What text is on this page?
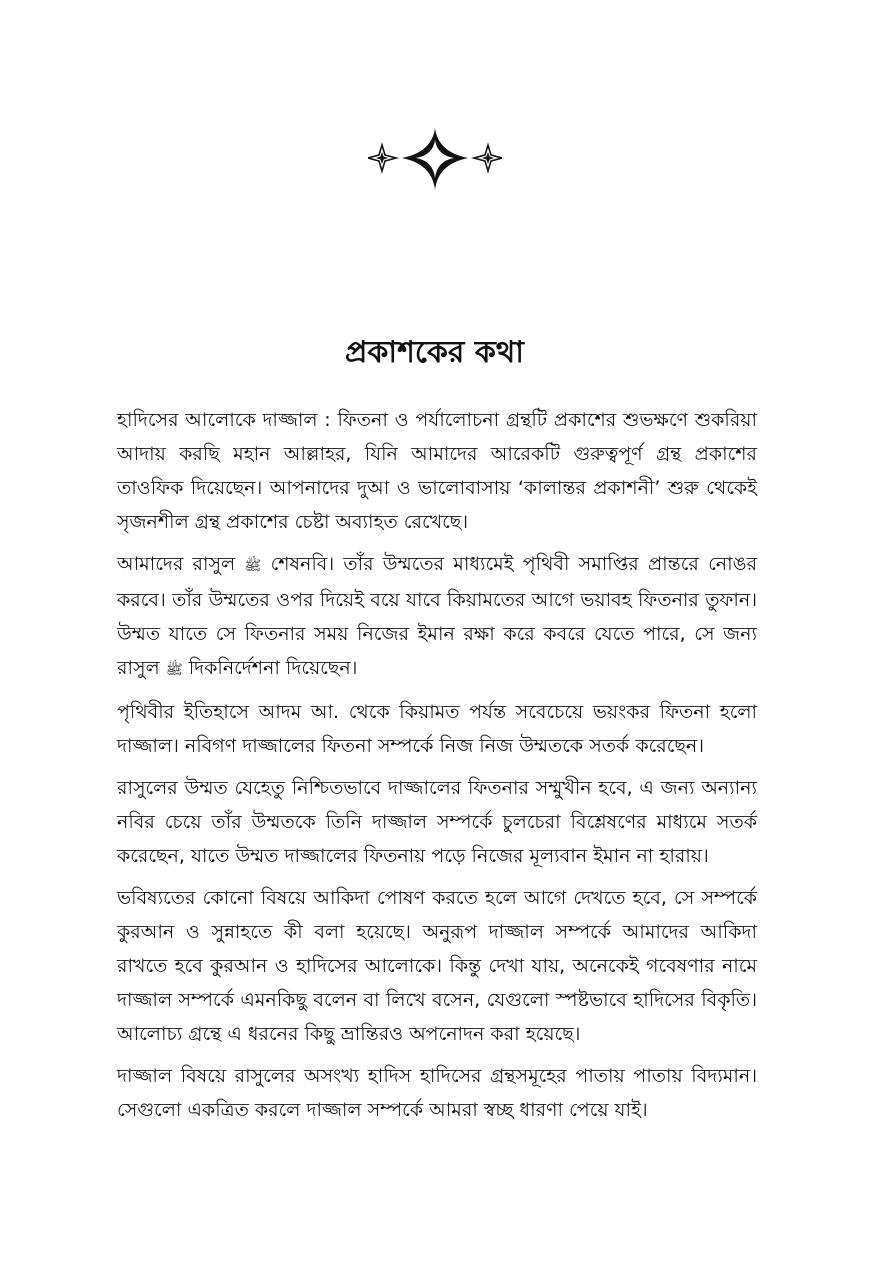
প্রকাশকের কথা

হাদিসের আলোকে দাজ্জাল : ফিতনা ও পর্যালোচনা গ্রন্থটি প্রকাশের শুভক্ষণে শুকরিয়া আদায় করছি মহান আল্লাহর, যিনি আমাদের আরেকটি গুরুত্বপূর্ণ গ্রন্থ প্রকাশের তাওফিক দিয়েছেন। আপনাদের দুআ ও ভালোবাসায় ‘কালান্তর প্রকাশনী’ শুরু থেকেই সৃজনশীল গ্রন্থ প্রকাশের চেষ্টা অব্যাহত রেখেছে।

আমাদের রাসুল ﷺ শেষনবি। তাঁর উম্মতের মাধ্যমেই পৃথিবী সমাপ্তির প্রান্তরে নোঙর করবে। তাঁর উম্মতের ওপর দিয়েই বয়ে যাবে কিয়ামতের আগে ভয়াবহ ফিতনার তুফান। উম্মত যাতে সে ফিতনার সময় নিজের ইমান রক্ষা করে কবরে যেতে পারে, সে জন্য রাসুল ﷺ দিকনির্দেশনা দিয়েছেন।

পৃথিবীর ইতিহাসে আদম আ. থেকে কিয়ামত পর্যন্ত সবেচেয়ে ভয়ংকর ফিতনা হলো দাজ্জাল। নবিগণ দাজ্জালের ফিতনা সম্পর্কে নিজ নিজ উম্মতকে সতর্ক করেছেন।

রাসুলের উম্মত যেহেতু নিশ্চিতভাবে দাজ্জালের ফিতনার সম্মুখীন হবে, এ জন্য অন্যান্য নবির চেয়ে তাঁর উম্মতকে তিনি দাজ্জাল সম্পর্কে চুলচেরা বিশ্লেষণের মাধ্যমে সতর্ক করেছেন, যাতে উম্মত দাজ্জালের ফিতনায় পড়ে নিজের মূল্যবান ইমান না হারায়।

ভবিষ্যতের কোনো বিষয়ে আকিদা পোষণ করতে হলে আগে দেখতে হবে, সে সম্পর্কে কুরআন ও সুন্নাহতে কী বলা হয়েছে। অনুরূপ দাজ্জাল সম্পর্কে আমাদের আকিদা রাখতে হবে কুরআন ও হাদিসের আলোকে। কিন্তু দেখা যায়, অনেকেই গবেষণার নামে দাজ্জাল সম্পর্কে এমনকিছু বলেন বা লিখে বসেন, যেগুলো স্পষ্টভাবে হাদিসের বিকৃতি। আলোচ্য গ্রন্থে এ ধরনের কিছু ভ্রান্তিরও অপনোদন করা হয়েছে।

দাজ্জাল বিষয়ে রাসুলের অসংখ্য হাদিস হাদিসের গ্রন্থসমূহের পাতায় পাতায় বিদ্যমান। সেগুলো একত্রিত করলে দাজ্জাল সম্পর্কে আমরা স্বচ্ছ ধারণা পেয়ে যাই।
